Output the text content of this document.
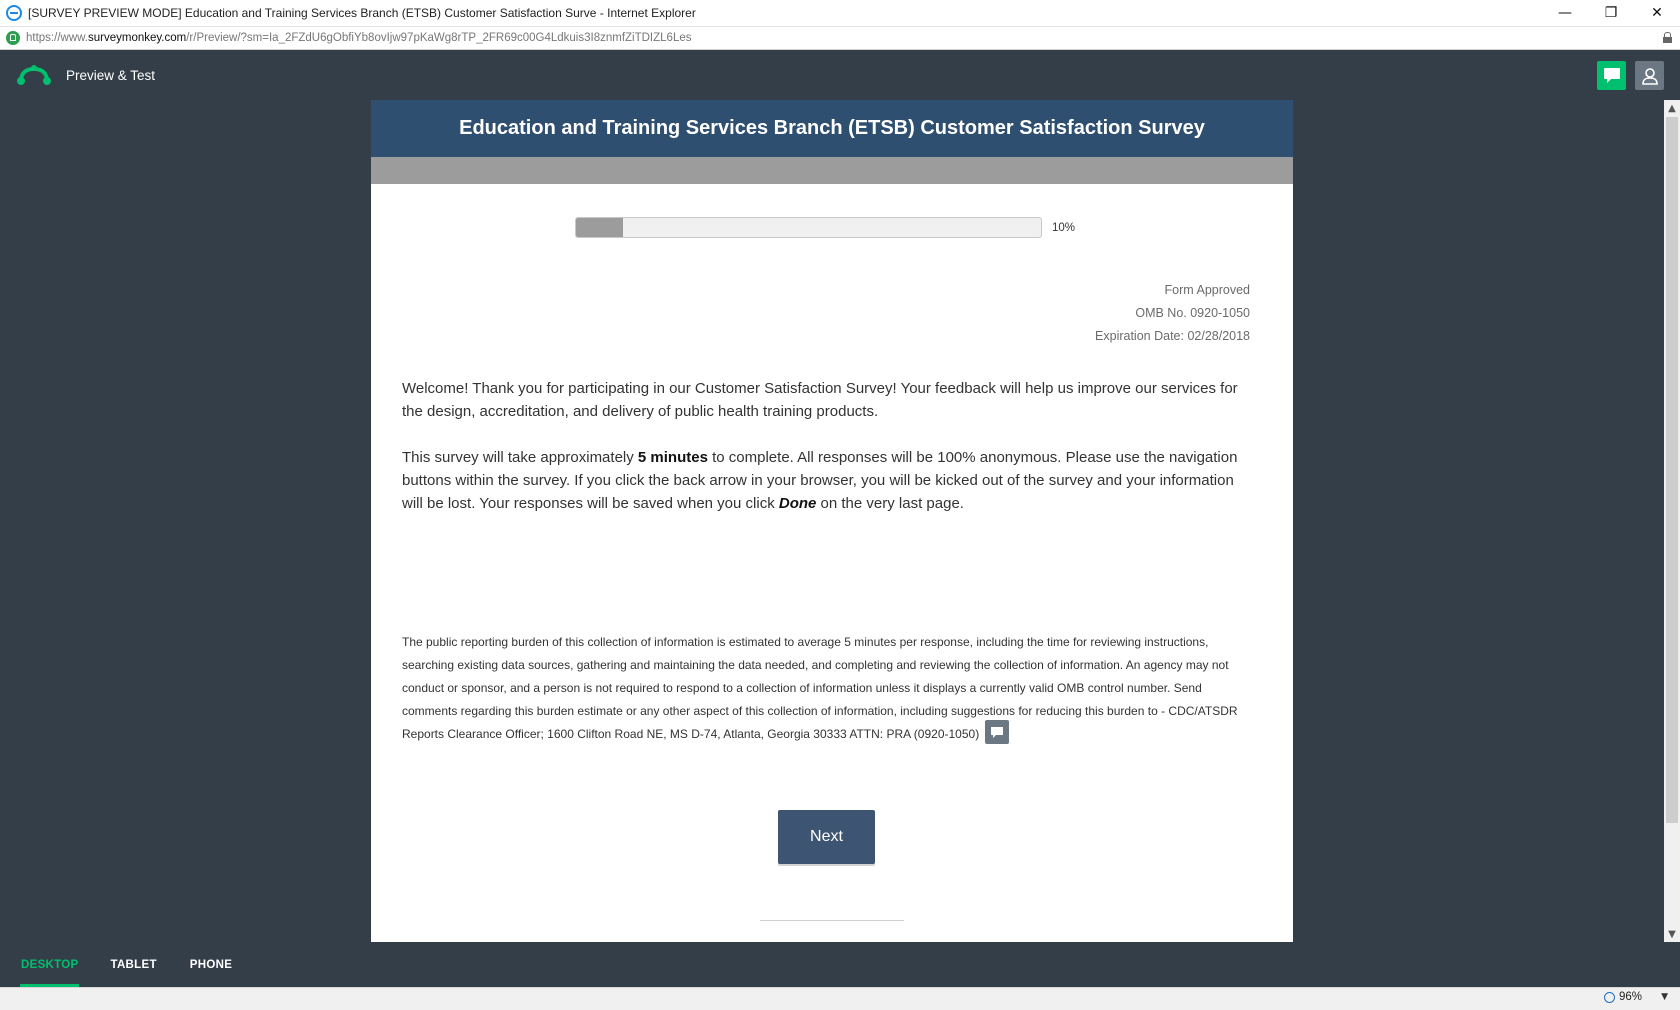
[SURVEY PREVIEW MODE] Education and Training Services Branch (ETSB) Customer Satisfaction Surve - Internet Explorer	—	❐	✕
https://www.surveymonkey.com/r/Preview/?sm=Ia_2FZdU6gObfiYb8ovIjw97pKaWg8rTP_2FR69c00G4Ldkuis3I8znmfZiTDIZL6Les
Preview & Test
Education and Training Services Branch (ETSB) Customer Satisfaction Survey
10%
Form Approved
OMB No. 0920-1050
Expiration Date: 02/28/2018

Welcome! Thank you for participating in our Customer Satisfaction Survey! Your feedback will help us improve our services for the design, accreditation, and delivery of public health training products.

This survey will take approximately 5 minutes to complete. All responses will be 100% anonymous. Please use the navigation buttons within the survey. If you click the back arrow in your browser, you will be kicked out of the survey and your information will be lost. Your responses will be saved when you click Done on the very last page.

The public reporting burden of this collection of information is estimated to average 5 minutes per response, including the time for reviewing instructions, searching existing data sources, gathering and maintaining the data needed, and completing and reviewing the collection of information. An agency may not conduct or sponsor, and a person is not required to respond to a collection of information unless it displays a currently valid OMB control number. Send comments regarding this burden estimate or any other aspect of this collection of information, including suggestions for reducing this burden to - CDC/ATSDR Reports Clearance Officer; 1600 Clifton Road NE, MS D-74, Atlanta, Georgia 30333 ATTN: PRA (0920-1050)
Next
▲
▼
DESKTOP	TABLET	PHONE
96% ▼
